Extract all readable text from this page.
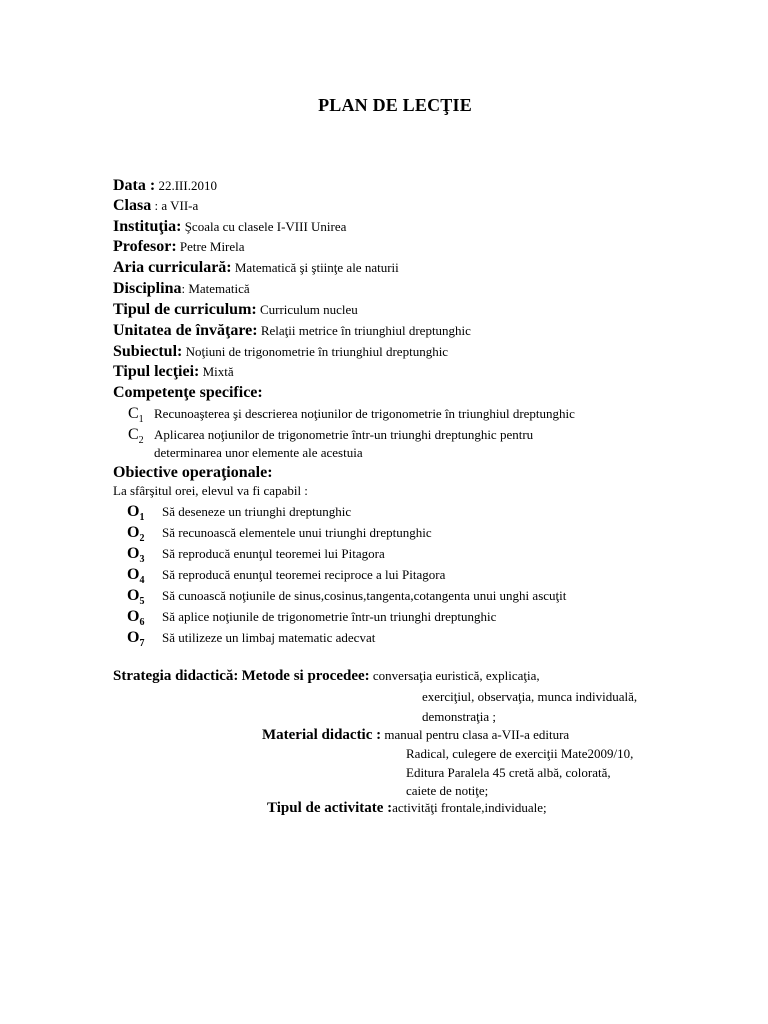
PLAN DE LECŢIE
Data : 22.III.2010
Clasa : a VII-a
Instituţia: Şcoala cu clasele I-VIII Unirea
Profesor: Petre Mirela
Aria curriculară: Matematică şi ştiinţe ale naturii
Disciplina: Matematică
Tipul de curriculum: Curriculum nucleu
Unitatea de învăţare: Relaţii metrice în triunghiul dreptunghic
Subiectul: Noţiuni de trigonometrie în triunghiul dreptunghic
Tipul lecţiei: Mixtă
Competenţe specifice:
$C_1$ Recunoaşterea şi descrierea noţiunilor de trigonometrie în triunghiul dreptunghic
$C_2$ Aplicarea noţiunilor de trigonometrie într-un triunghi dreptunghic pentru
determinarea unor elemente ale acestuia
Obiective operaţionale:
La sfârşitul orei, elevul va fi capabil :
$O_1$ Să deseneze un triunghi dreptunghic
$O_2$ Să recunoască elementele unui triunghi dreptunghic
$O_3$ Să reproducă enunţul teoremei lui Pitagora
$O_4$ Să reproducă enunţul teoremei reciproce a lui Pitagora
$O_5$ Să cunoască noţiunile de sinus,cosinus,tangenta,cotangenta unui unghi ascuţit
$O_6$ Să aplice noţiunile de trigonometrie într-un triunghi dreptunghic
$O_7$ Să utilizeze un limbaj matematic adecvat
Strategia didactică: Metode si procedee: conversaţia euristică, explicaţia,
exerciţiul, observaţia, munca individuală,
demonstraţia ;
Material didactic : manual pentru clasa a-VII-a editura
Radical, culegere de exerciţii Mate2009/10,
Editura Paralela 45 cretă albă, colorată,
caiete de notiţe;
Tipul de activitate :activităţi frontale,individuale;
